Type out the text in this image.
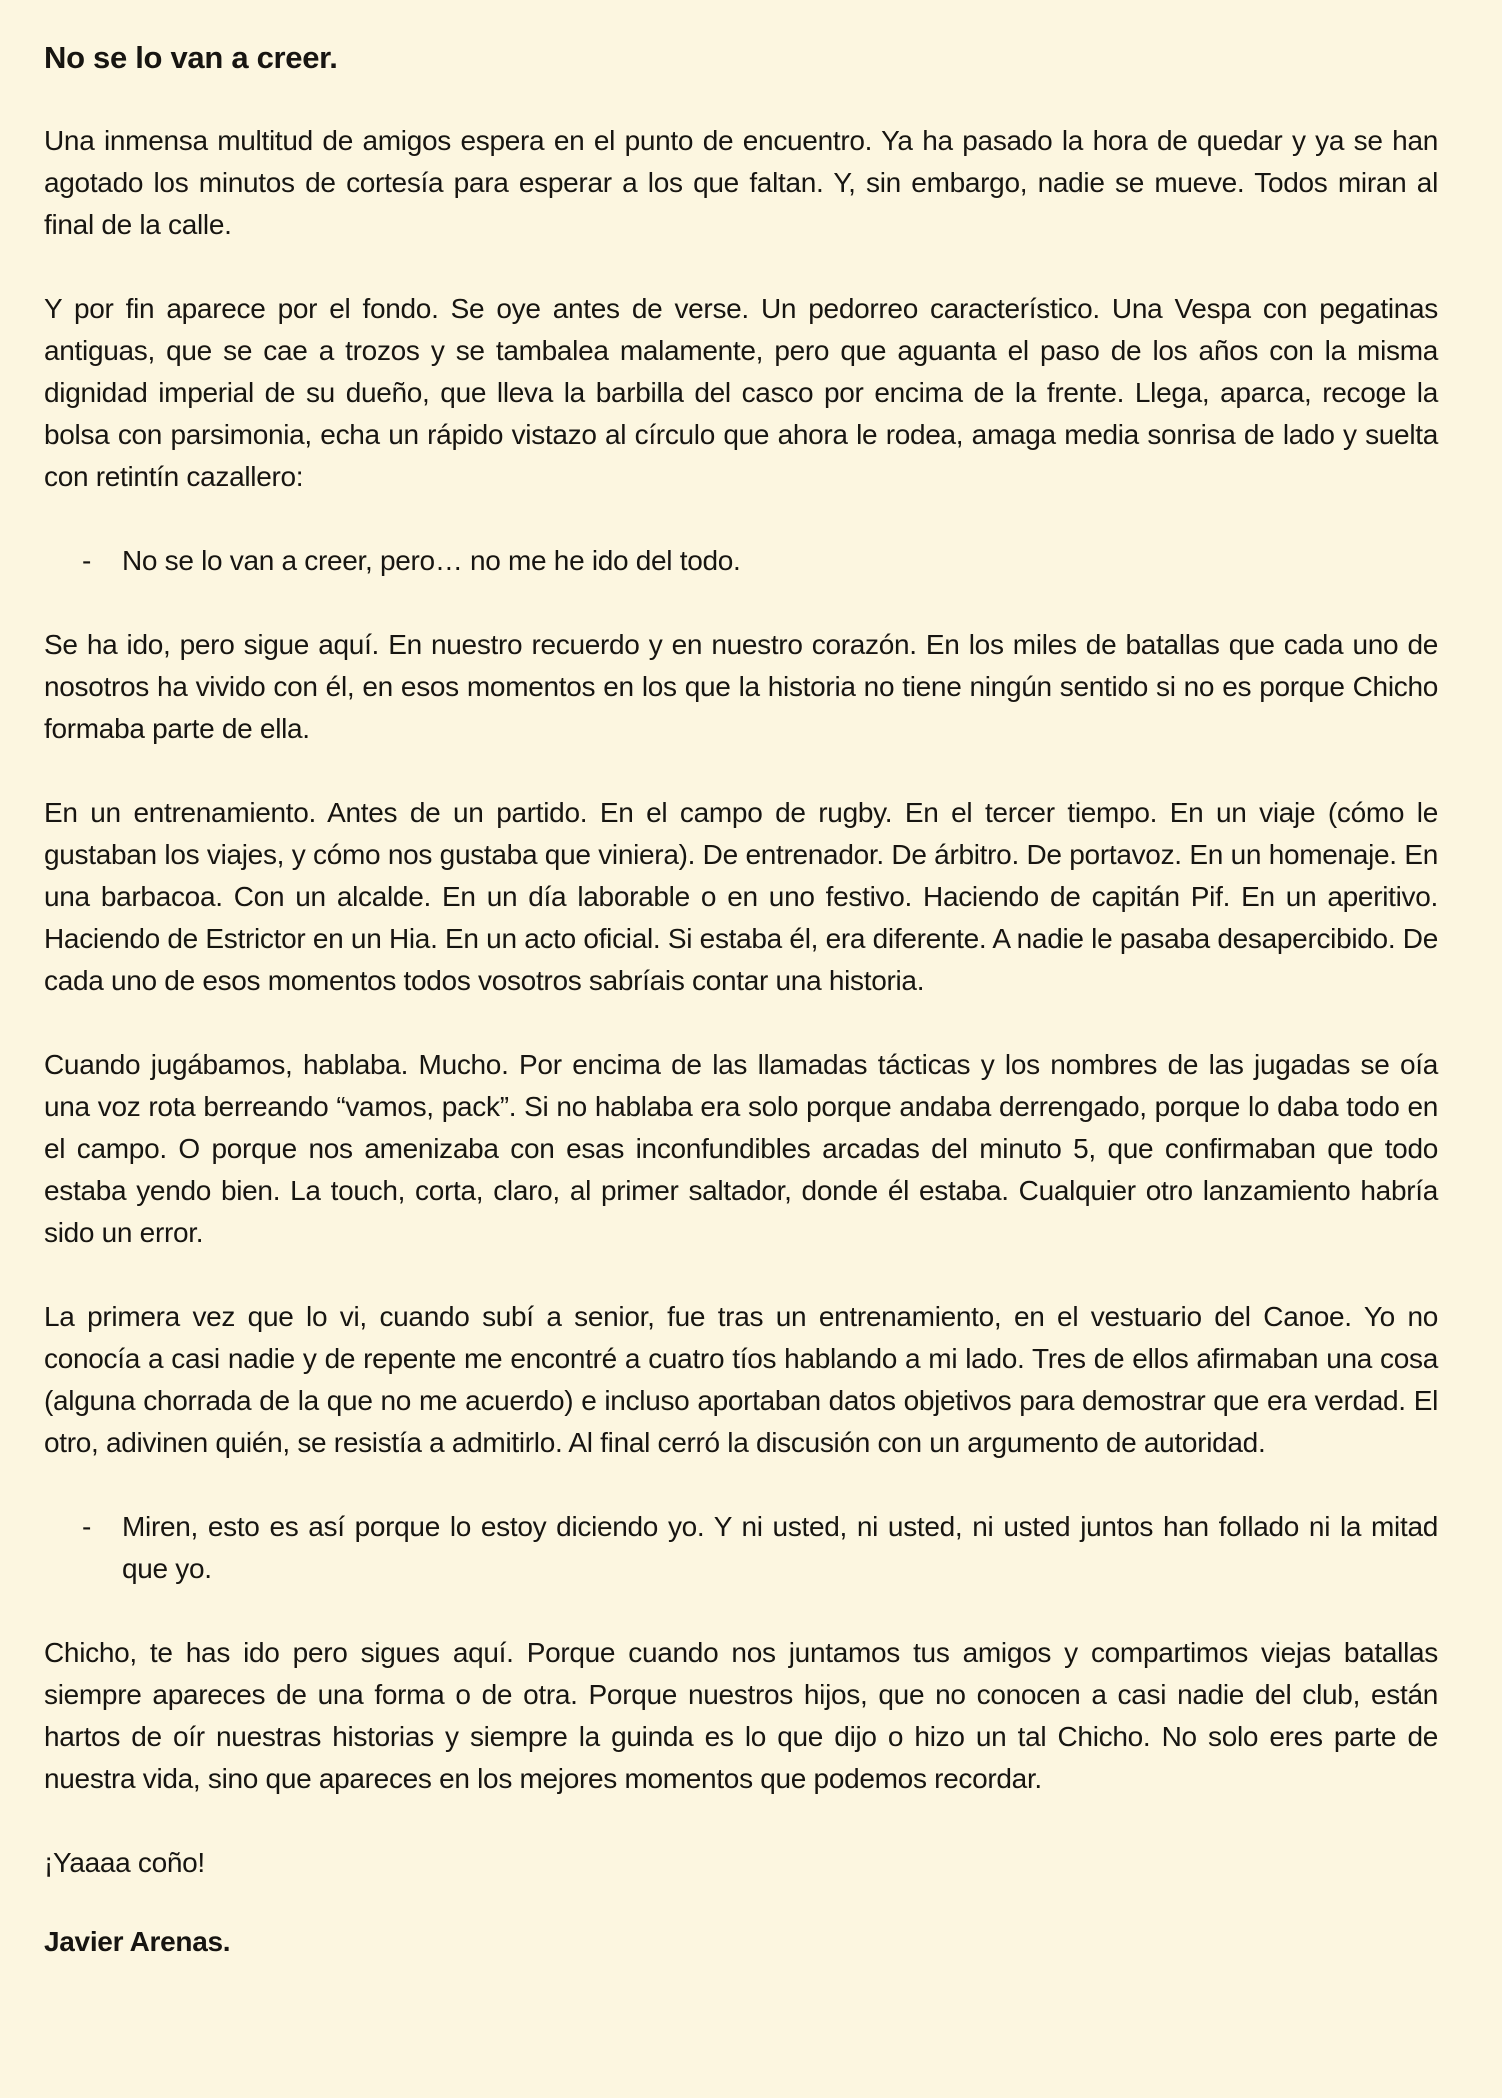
No se lo van a creer.

Una inmensa multitud de amigos espera en el punto de encuentro. Ya ha pasado la hora de quedar y ya se han agotado los minutos de cortesía para esperar a los que faltan. Y, sin embargo, nadie se mueve. Todos miran al final de la calle.

Y por fin aparece por el fondo. Se oye antes de verse. Un pedorreo característico. Una Vespa con pegatinas antiguas, que se cae a trozos y se tambalea malamente, pero que aguanta el paso de los años con la misma dignidad imperial de su dueño, que lleva la barbilla del casco por encima de la frente. Llega, aparca, recoge la bolsa con parsimonia, echa un rápido vistazo al círculo que ahora le rodea, amaga media sonrisa de lado y suelta con retintín cazallero:

- No se lo van a creer, pero… no me he ido del todo.

Se ha ido, pero sigue aquí. En nuestro recuerdo y en nuestro corazón. En los miles de batallas que cada uno de nosotros ha vivido con él, en esos momentos en los que la historia no tiene ningún sentido si no es porque Chicho formaba parte de ella.

En un entrenamiento. Antes de un partido. En el campo de rugby. En el tercer tiempo. En un viaje (cómo le gustaban los viajes, y cómo nos gustaba que viniera). De entrenador. De árbitro. De portavoz. En un homenaje. En una barbacoa. Con un alcalde. En un día laborable o en uno festivo. Haciendo de capitán Pif. En un aperitivo. Haciendo de Estrictor en un Hia. En un acto oficial. Si estaba él, era diferente. A nadie le pasaba desapercibido. De cada uno de esos momentos todos vosotros sabríais contar una historia.

Cuando jugábamos, hablaba. Mucho. Por encima de las llamadas tácticas y los nombres de las jugadas se oía una voz rota berreando “vamos, pack”. Si no hablaba era solo porque andaba derrengado, porque lo daba todo en el campo. O porque nos amenizaba con esas inconfundibles arcadas del minuto 5, que confirmaban que todo estaba yendo bien. La touch, corta, claro, al primer saltador, donde él estaba. Cualquier otro lanzamiento habría sido un error.

La primera vez que lo vi, cuando subí a senior, fue tras un entrenamiento, en el vestuario del Canoe. Yo no conocía a casi nadie y de repente me encontré a cuatro tíos hablando a mi lado. Tres de ellos afirmaban una cosa (alguna chorrada de la que no me acuerdo) e incluso aportaban datos objetivos para demostrar que era verdad. El otro, adivinen quién, se resistía a admitirlo. Al final cerró la discusión con un argumento de autoridad.

- Miren, esto es así porque lo estoy diciendo yo. Y ni usted, ni usted, ni usted juntos han follado ni la mitad que yo.

Chicho, te has ido pero sigues aquí. Porque cuando nos juntamos tus amigos y compartimos viejas batallas siempre apareces de una forma o de otra. Porque nuestros hijos, que no conocen a casi nadie del club, están hartos de oír nuestras historias y siempre la guinda es lo que dijo o hizo un tal Chicho. No solo eres parte de nuestra vida, sino que apareces en los mejores momentos que podemos recordar.

¡Yaaaa coño!

Javier Arenas.
